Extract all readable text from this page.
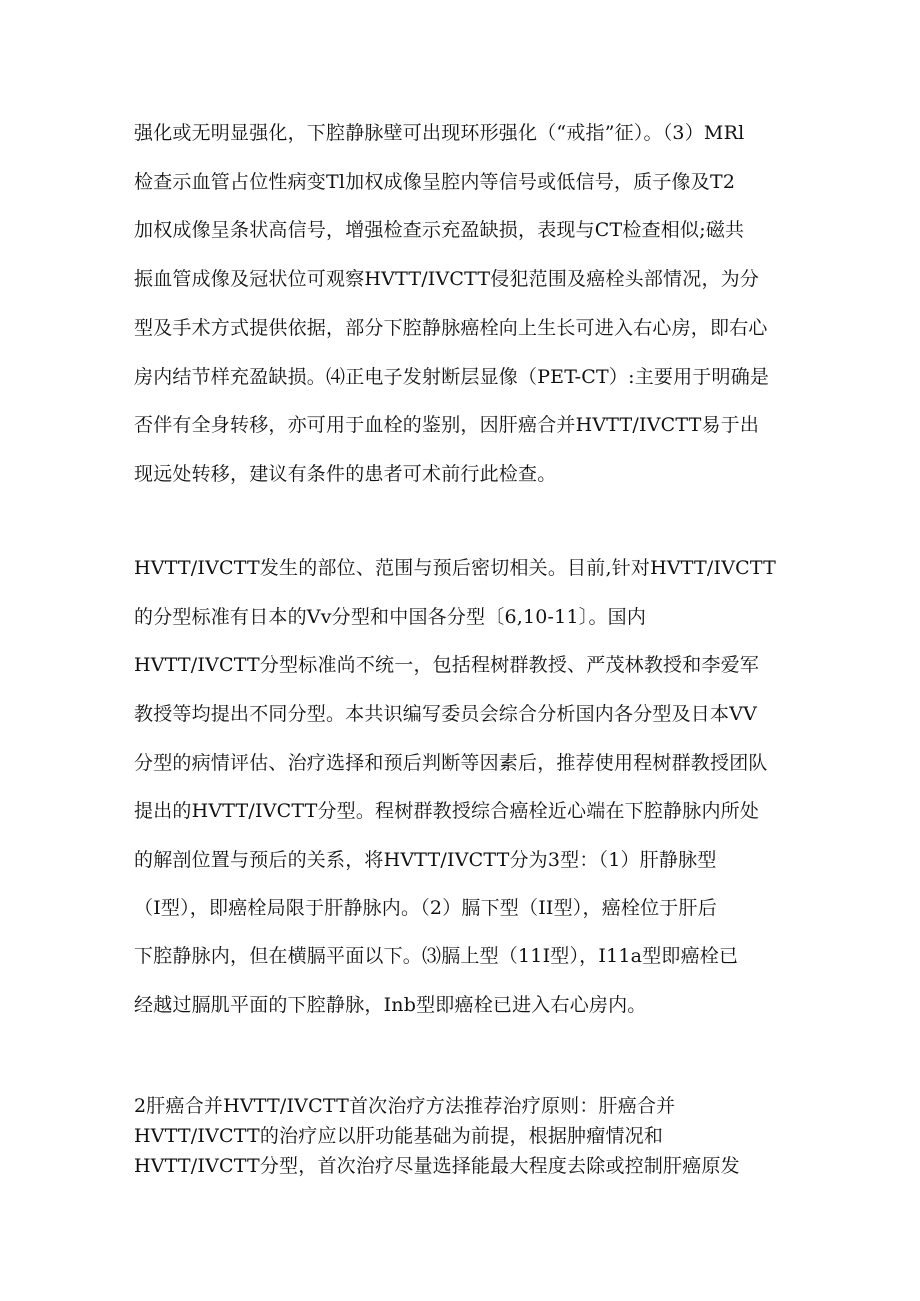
强化或无明显强化，下腔静脉壁可出现环形强化（“戒指”征）。（3）MRl
检查示血管占位性病变Tl加权成像呈腔内等信号或低信号，质子像及T2
加权成像呈条状高信号，增强检查示充盈缺损，表现与CT检查相似;磁共
振血管成像及冠状位可观察HVTT/IVCTT侵犯范围及癌栓头部情况，为分
型及手术方式提供依据，部分下腔静脉癌栓向上生长可进入右心房，即右心
房内结节样充盈缺损。⑷正电子发射断层显像（PET-CT）:主要用于明确是
否伴有全身转移，亦可用于血栓的鉴别，因肝癌合并HVTT/IVCTT易于出
现远处转移，建议有条件的患者可术前行此检查。
HVTT/IVCTT发生的部位、范围与预后密切相关。目前,针对HVTT/IVCTT
的分型标准有日本的Vv分型和中国各分型〔6,10-11〕。国内
HVTT/IVCTT分型标准尚不统一，包括程树群教授、严茂林教授和李爱军
教授等均提出不同分型。本共识编写委员会综合分析国内各分型及日本VV
分型的病情评估、治疗选择和预后判断等因素后，推荐使用程树群教授团队
提出的HVTT/IVCTT分型。程树群教授综合癌栓近心端在下腔静脉内所处
的解剖位置与预后的关系，将HVTT/IVCTT分为3型：（1）肝静脉型
（I型），即癌栓局限于肝静脉内。（2）膈下型（II型），癌栓位于肝后
下腔静脉内，但在横膈平面以下。⑶膈上型（11I型），I11a型即癌栓已
经越过膈肌平面的下腔静脉，Inb型即癌栓已进入右心房内。
2肝癌合并HVTT/IVCTT首次治疗方法推荐治疗原则：肝癌合并
HVTT/IVCTT的治疗应以肝功能基础为前提，根据肿瘤情况和
HVTT/IVCTT分型，首次治疗尽量选择能最大程度去除或控制肝癌原发
